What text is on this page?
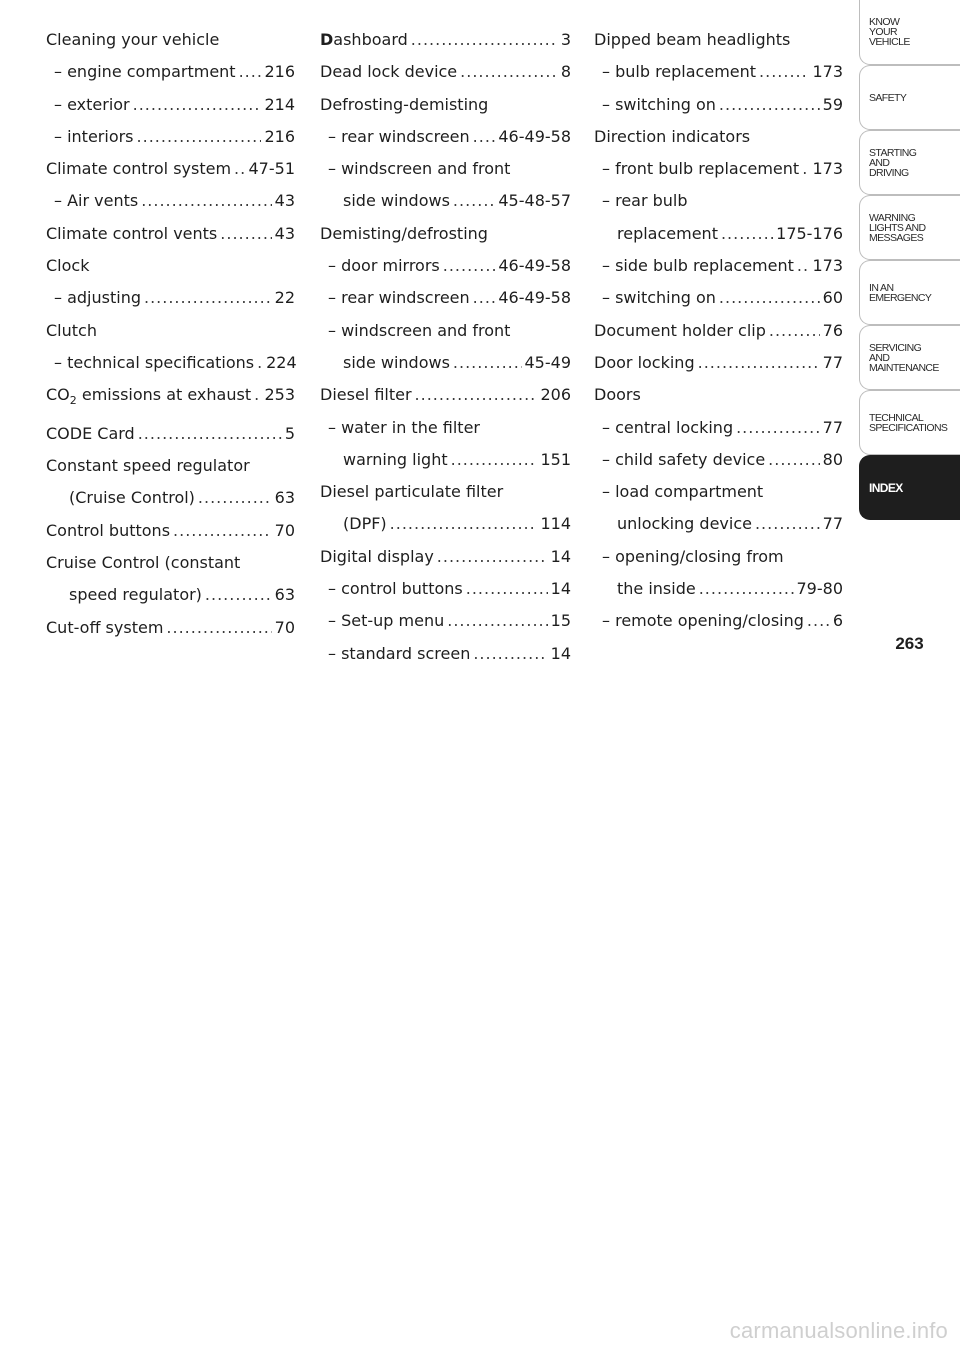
Cleaning your vehicle
– engine compartment ..... 216
– exterior .....	214
– interiors .....	216
Climate control system ..... 47-51
– Air vents .....	43
Climate control vents .....	43
Clock
– adjusting .....	22
Clutch
– technical specifications ..... 224
$CO_2$ emissions at exhaust ..... 253
CODE Card .....	5
Constant speed regulator
(Cruise Control) .....	63
Control buttons .....	70
Cruise Control (constant
speed regulator) .....	63
Cut-off system .....	70
Dashboard .....	3
Dead lock device .....	8
Defrosting-demisting
– rear windscreen ..... 46-49-58
– windscreen and front
side windows .....	45-48-57
Demisting/defrosting
– door mirrors .....	46-49-58
– rear windscreen ..... 46-49-58
– windscreen and front
side windows .....	45-49
Diesel filter .....	206
– water in the filter
warning light .....	151
Diesel particulate filter
(DPF) .....	114
Digital display .....	14
– control buttons .....	14
– Set-up menu .....	15
– standard screen .....	14
Dipped beam headlights
– bulb replacement .....	173
– switching on .....	59
Direction indicators
– front bulb replacement ..... 173
– rear bulb
replacement .....	175-176
– side bulb replacement ..... 173
– switching on .....	60
Document holder clip .....	76
Door locking .....	77
Doors
– central locking .....	77
– child safety device .....	80
– load compartment
unlocking device .....	77
– opening/closing from
the inside .....	79-80
– remote opening/closing ..... 6
KNOW
YOUR
VEHICLE
SAFETY
STARTING
AND
DRIVING
WARNING
LIGHTS AND
MESSAGES
IN AN
EMERGENCY
SERVICING
AND
MAINTENANCE
TECHNICAL
SPECIFICATIONS
INDEX
263
carmanualsonline.info
